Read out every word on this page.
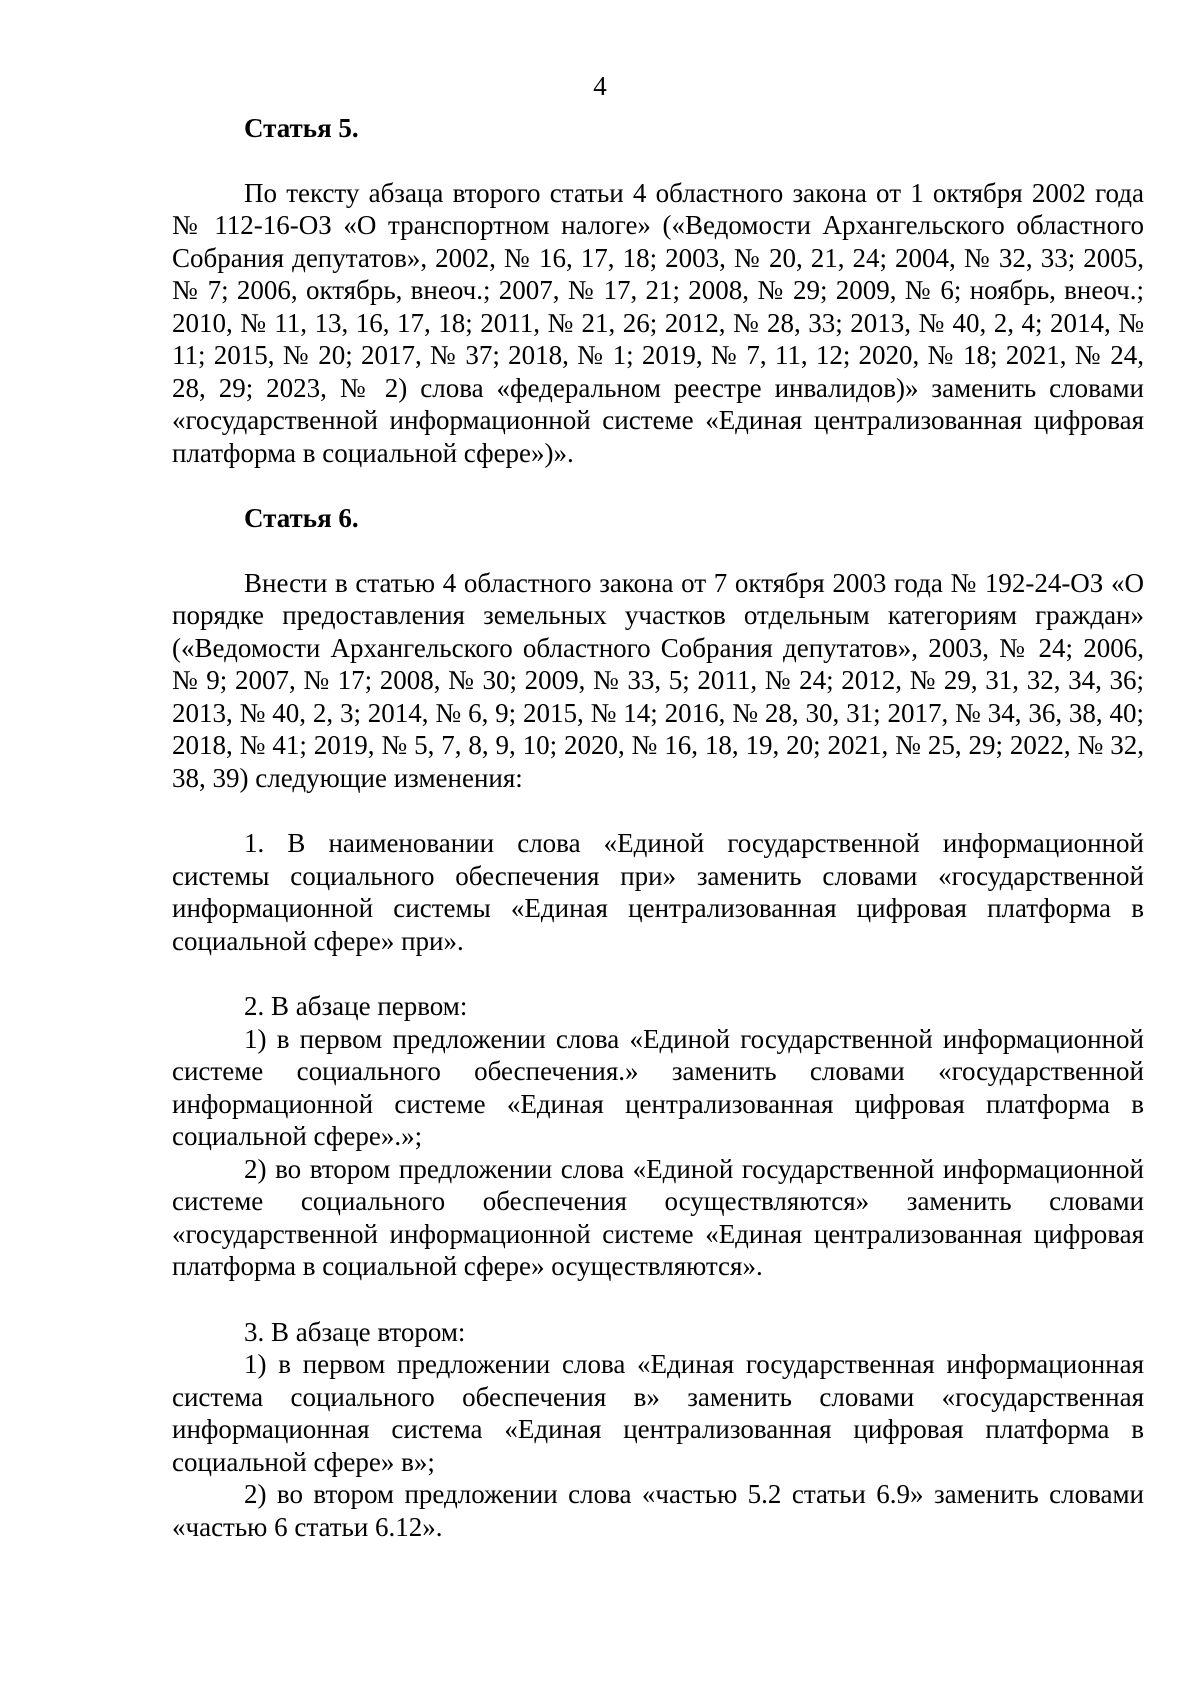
4

Статья 5.

По тексту абзаца второго статьи 4 областного закона от 1 октября 2002 года № 112-16-ОЗ «О транспортном налоге» («Ведомости Архангельского областного Собрания депутатов», 2002, № 16, 17, 18; 2003, № 20, 21, 24; 2004, № 32, 33; 2005, № 7; 2006, октябрь, внеоч.; 2007, № 17, 21; 2008, № 29; 2009, № 6; ноябрь, внеоч.; 2010, № 11, 13, 16, 17, 18; 2011, № 21, 26; 2012, № 28, 33; 2013, № 40, 2, 4; 2014, № 11; 2015, № 20; 2017, № 37; 2018, № 1; 2019, № 7, 11, 12; 2020, № 18; 2021, № 24, 28, 29; 2023, № 2) слова «федеральном реестре инвалидов)» заменить словами «государственной информационной системе «Единая централизованная цифровая платформа в социальной сфере»)».

Статья 6.

Внести в статью 4 областного закона от 7 октября 2003 года № 192-24-ОЗ «О порядке предоставления земельных участков отдельным категориям граждан» («Ведомости Архангельского областного Собрания депутатов», 2003, № 24; 2006, № 9; 2007, № 17; 2008, № 30; 2009, № 33, 5; 2011, № 24; 2012, № 29, 31, 32, 34, 36; 2013, № 40, 2, 3; 2014, № 6, 9; 2015, № 14; 2016, № 28, 30, 31; 2017, № 34, 36, 38, 40; 2018, № 41; 2019, № 5, 7, 8, 9, 10; 2020, № 16, 18, 19, 20; 2021, № 25, 29; 2022, № 32, 38, 39) следующие изменения:

1. В наименовании слова «Единой государственной информационной системы социального обеспечения при» заменить словами «государственной информационной системы «Единая централизованная цифровая платформа в социальной сфере» при».

2. В абзаце первом:

1) в первом предложении слова «Единой государственной информационной системе социального обеспечения.» заменить словами «государственной информационной системе «Единая централизованная цифровая платформа в социальной сфере».»;

2) во втором предложении слова «Единой государственной информационной системе социального обеспечения осуществляются» заменить словами «государственной информационной системе «Единая централизованная цифровая платформа в социальной сфере» осуществляются».

3. В абзаце втором:

1) в первом предложении слова «Единая государственная информационная система социального обеспечения в» заменить словами «государственная информационная система «Единая централизованная цифровая платформа в социальной сфере» в»;

2) во втором предложении слова «частью 5.2 статьи 6.9» заменить словами «частью 6 статьи 6.12».
